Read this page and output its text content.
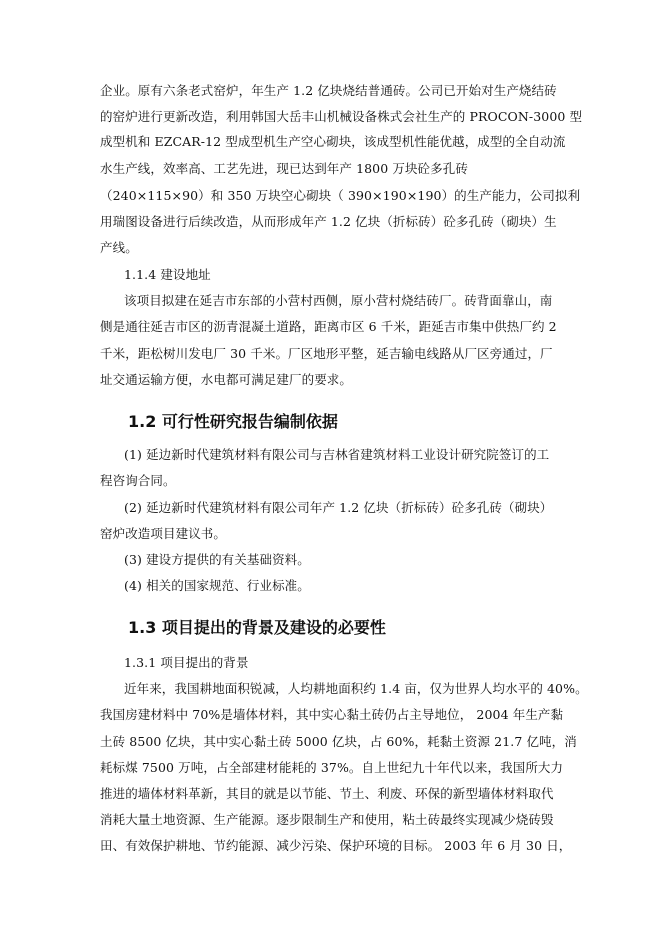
企业。原有六条老式窑炉，年生产 1.2 亿块烧结普通砖。公司已开始对生产烧结砖
的窑炉进行更新改造，利用韩国大岳丰山机械设备株式会社生产的 PROCON-3000 型
成型机和 EZCAR-12 型成型机生产空心砌块，该成型机性能优越，成型的全自动流
水生产线，效率高、工艺先进，现已达到年产 1800 万块砼多孔砖
（240×115×90）和 350 万块空心砌块（ 390×190×190）的生产能力，公司拟利
用瑞图设备进行后续改造，从而形成年产 1.2 亿块（折标砖）砼多孔砖（砌块）生
产线。
1.1.4 建设地址
该项目拟建在延吉市东部的小营村西侧，原小营村烧结砖厂。砖背面靠山，南
侧是通往延吉市区的沥青混凝土道路，距离市区 6 千米，距延吉市集中供热厂约 2
千米，距松树川发电厂 30 千米。厂区地形平整，延吉输电线路从厂区旁通过，厂
址交通运输方便，水电都可满足建厂的要求。
1.2 可行性研究报告编制依据
(1) 延边新时代建筑材料有限公司与吉林省建筑材料工业设计研究院签订的工
程咨询合同。
(2) 延边新时代建筑材料有限公司年产 1.2 亿块（折标砖）砼多孔砖（砌块）
窑炉改造项目建议书。
(3) 建设方提供的有关基础资料。
(4) 相关的国家规范、行业标准。
1.3 项目提出的背景及建设的必要性
1.3.1 项目提出的背景
近年来，我国耕地面积锐减，人均耕地面积约 1.4 亩，仅为世界人均水平的 40%。
我国房建材料中 70%是墙体材料，其中实心黏土砖仍占主导地位， 2004 年生产黏
土砖 8500 亿块，其中实心黏土砖 5000 亿块，占 60%，耗黏土资源 21.7 亿吨，消
耗标煤 7500 万吨，占全部建材能耗的 37%。自上世纪九十年代以来，我国所大力
推进的墙体材料革新，其目的就是以节能、节土、利废、环保的新型墙体材料取代
消耗大量土地资源、生产能源。逐步限制生产和使用，粘土砖最终实现减少烧砖毁
田、有效保护耕地、节约能源、减少污染、保护环境的目标。 2003 年 6 月 30 日，
